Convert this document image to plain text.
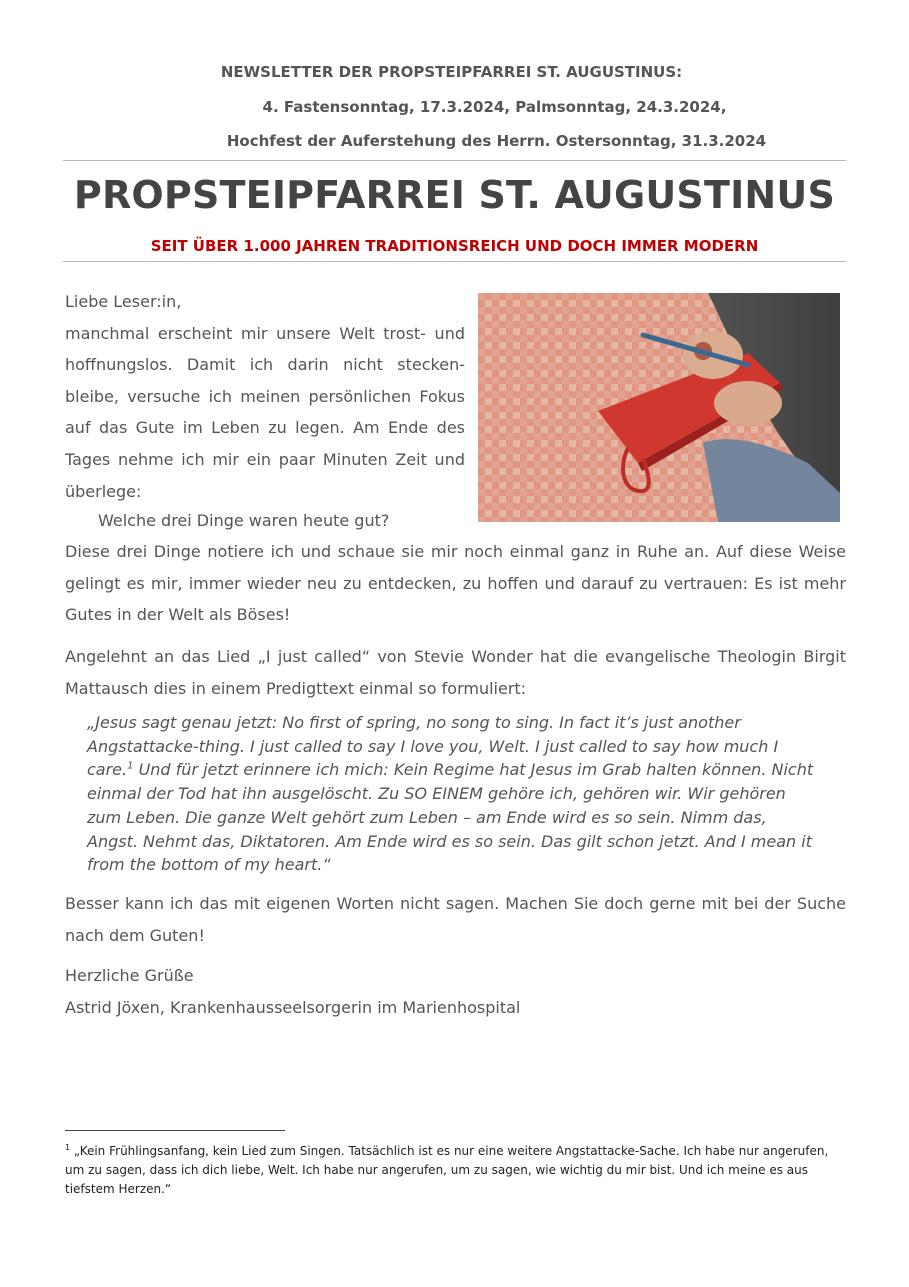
NEWSLETTER DER PROPSTEIPFARREI ST. AUGUSTINUS:

4. Fastensonntag, 17.3.2024, Palmsonntag, 24.3.2024,

Hochfest der Auferstehung des Herrn. Ostersonntag, 31.3.2024

PROPSTEIPFARREI ST. AUGUSTINUS

SEIT ÜBER 1.000 JAHREN TRADITIONSREICH UND DOCH IMMER MODERN

Liebe Leser:in,

manchmal erscheint mir unsere Welt trost- und hoffnungslos. Damit ich darin nicht steckenbleibe, versuche ich meinen persönlichen Fokus auf das Gute im Leben zu legen. Am Ende des Tages nehme ich mir ein paar Minuten Zeit und überlege:

Welche drei Dinge waren heute gut?

Diese drei Dinge notiere ich und schaue sie mir noch einmal ganz in Ruhe an. Auf diese Weise gelingt es mir, immer wieder neu zu entdecken, zu hoffen und darauf zu vertrauen: Es ist mehr Gutes in der Welt als Böses!

Angelehnt an das Lied „I just called“ von Stevie Wonder hat die evangelische Theologin Birgit Mattausch dies in einem Predigttext einmal so formuliert:

„Jesus sagt genau jetzt: No first of spring, no song to sing. In fact it’s just another Angstattacke-thing. I just called to say I love you, Welt. I just called to say how much I care.$^1$ Und für jetzt erinnere ich mich: Kein Regime hat Jesus im Grab halten können. Nicht einmal der Tod hat ihn ausgelöscht. Zu SO EINEM gehöre ich, gehören wir. Wir gehören zum Leben. Die ganze Welt gehört zum Leben – am Ende wird es so sein. Nimm das, Angst. Nehmt das, Diktatoren. Am Ende wird es so sein. Das gilt schon jetzt. And I mean it from the bottom of my heart.“

Besser kann ich das mit eigenen Worten nicht sagen. Machen Sie doch gerne mit bei der Suche nach dem Guten!

Herzliche Grüße

Astrid Jöxen, Krankenhausseelsorgerin im Marienhospital

$^1$ „Kein Frühlingsanfang, kein Lied zum Singen. Tatsächlich ist es nur eine weitere Angstattacke-Sache. Ich habe nur angerufen, um zu sagen, dass ich dich liebe, Welt. Ich habe nur angerufen, um zu sagen, wie wichtig du mir bist. Und ich meine es aus tiefstem Herzen.“
